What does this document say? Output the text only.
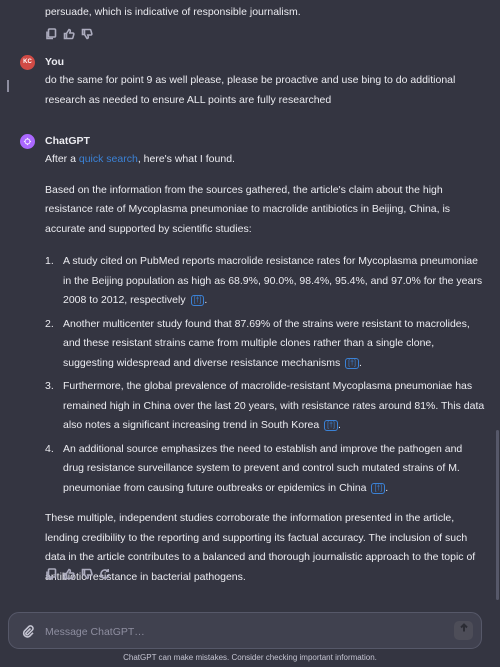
persuade, which is indicative of responsible journalism.
KC	You
do the same for point 9 as well please, please be proactive and use bing to do additional research as needed to ensure ALL points are fully researched
ChatGPT

After a quick search, here's what I found.

Based on the information from the sources gathered, the article's claim about the high resistance rate of Mycoplasma pneumoniae to macrolide antibiotics in Beijing, China, is accurate and supported by scientific studies:

1. A study cited on PubMed reports macrolide resistance rates for Mycoplasma pneumoniae in the Beijing population as high as 68.9%, 90.0%, 98.4%, 95.4%, and 97.0% for the years 2008 to 2012, respectively [†] .
2. Another multicenter study found that 87.69% of the strains were resistant to macrolides, and these resistant strains came from multiple clones rather than a single clone, suggesting widespread and diverse resistance mechanisms [†] .
3. Furthermore, the global prevalence of macrolide-resistant Mycoplasma pneumoniae has remained high in China over the last 20 years, with resistance rates around 81%. This data also notes a significant increasing trend in South Korea [†] .
4. An additional source emphasizes the need to establish and improve the pathogen and drug resistance surveillance system to prevent and control such mutated strains of M. pneumoniae from causing future outbreaks or epidemics in China [†] .

These multiple, independent studies corroborate the information presented in the article, lending credibility to the reporting and supporting its factual accuracy. The inclusion of such data in the article contributes to a balanced and thorough journalistic approach to the topic of antibiotic resistance in bacterial pathogens.

Message ChatGPT…
ChatGPT can make mistakes. Consider checking important information.
